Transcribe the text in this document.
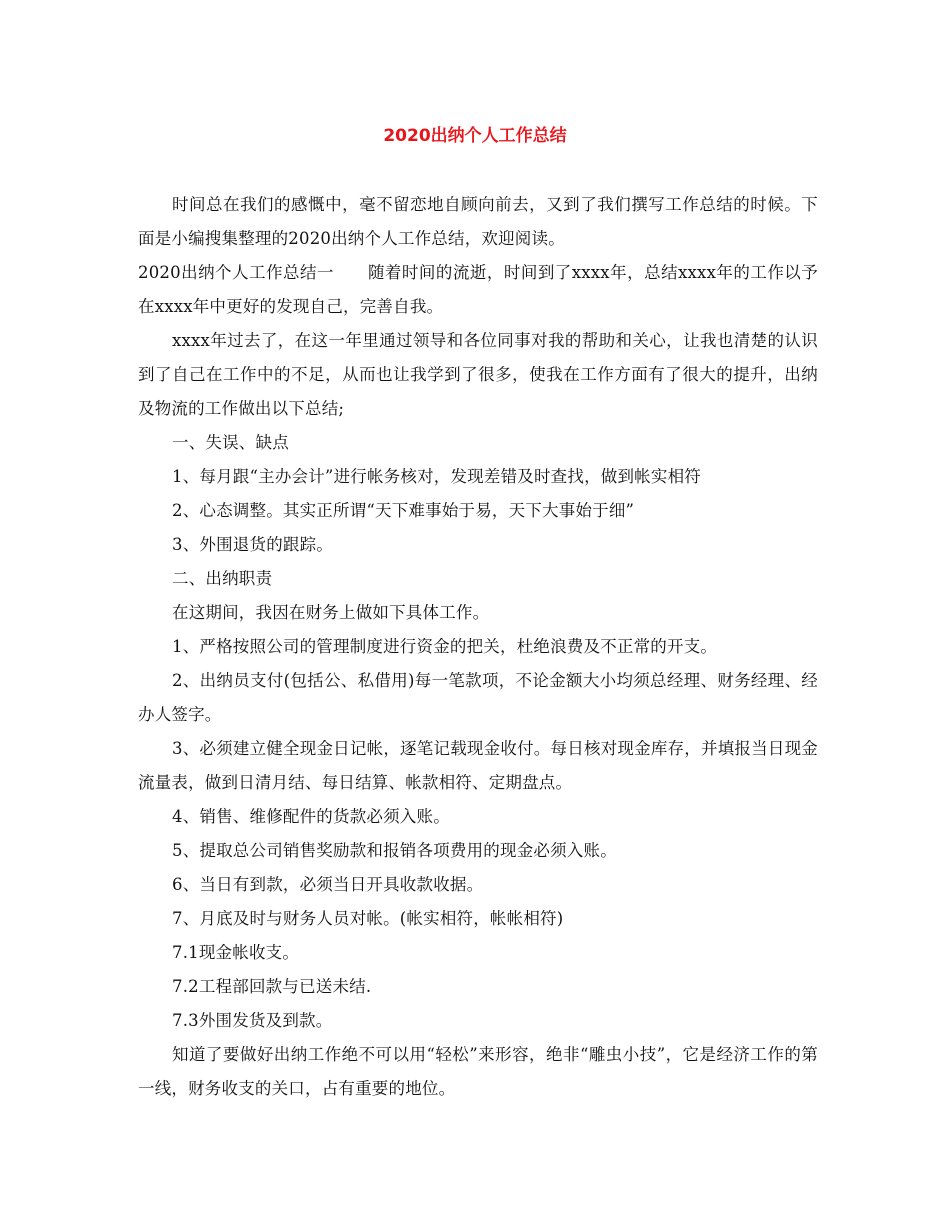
2020出纳个人工作总结

时间总在我们的感慨中，毫不留恋地自顾向前去，又到了我们撰写工作总结的时候。下面是小编搜集整理的2020出纳个人工作总结，欢迎阅读。

2020出纳个人工作总结一　　随着时间的流逝，时间到了xxxx年，总结xxxx年的工作以予在xxxx年中更好的发现自己，完善自我。

xxxx年过去了，在这一年里通过领导和各位同事对我的帮助和关心，让我也清楚的认识到了自己在工作中的不足，从而也让我学到了很多，使我在工作方面有了很大的提升，出纳及物流的工作做出以下总结;

一、失误、缺点

1、每月跟“主办会计”进行帐务核对，发现差错及时查找，做到帐实相符

2、心态调整。其实正所谓“天下难事始于易，天下大事始于细”

3、外围退货的跟踪。

二、出纳职责

在这期间，我因在财务上做如下具体工作。

1、严格按照公司的管理制度进行资金的把关，杜绝浪费及不正常的开支。

2、出纳员支付(包括公、私借用)每一笔款项，不论金额大小均须总经理、财务经理、经办人签字。

3、必须建立健全现金日记帐，逐笔记载现金收付。每日核对现金库存，并填报当日现金流量表，做到日清月结、每日结算、帐款相符、定期盘点。

4、销售、维修配件的货款必须入账。

5、提取总公司销售奖励款和报销各项费用的现金必须入账。

6、当日有到款，必须当日开具收款收据。

7、月底及时与财务人员对帐。(帐实相符，帐帐相符)

7.1现金帐收支。

7.2工程部回款与已送未结.

7.3外围发货及到款。

知道了要做好出纳工作绝不可以用“轻松”来形容，绝非“雕虫小技”，它是经济工作的第一线，财务收支的关口，占有重要的地位。
